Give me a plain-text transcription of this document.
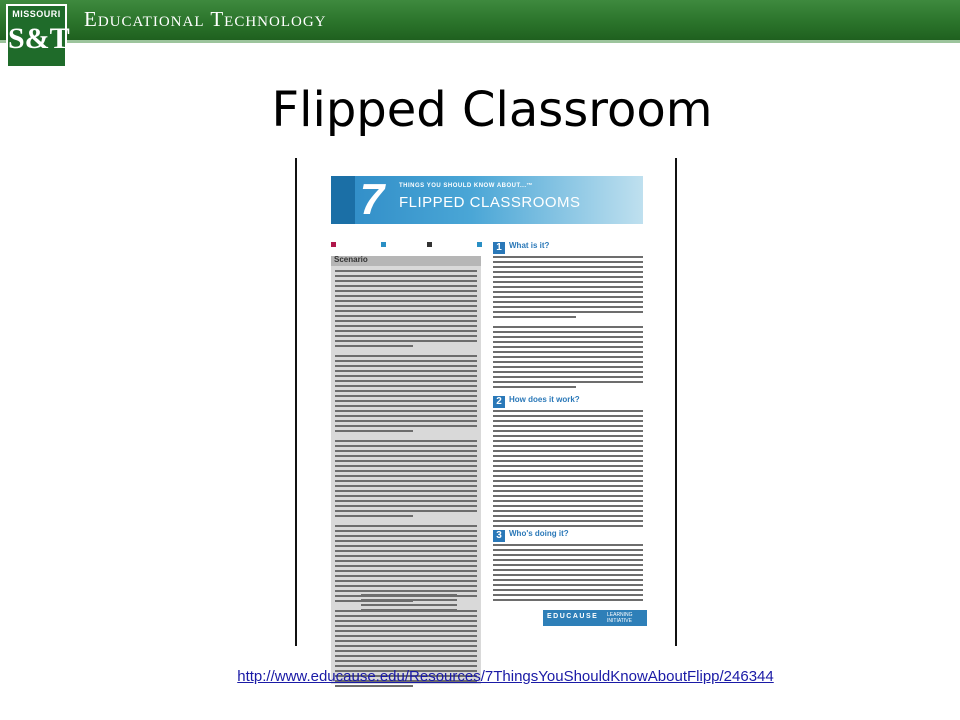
Educational Technology
MISSOURI
S&T
Flipped Classroom
7	THINGS YOU SHOULD KNOW ABOUT...™
FLIPPED CLASSROOMS
Scenario
1 What is it?
2 How does it work?
3 Who's doing it?
EDUCAUSE LEARNING INITIATIVE
http://www.educause.edu/Resources/7ThingsYouShouldKnowAboutFlipp/246344
